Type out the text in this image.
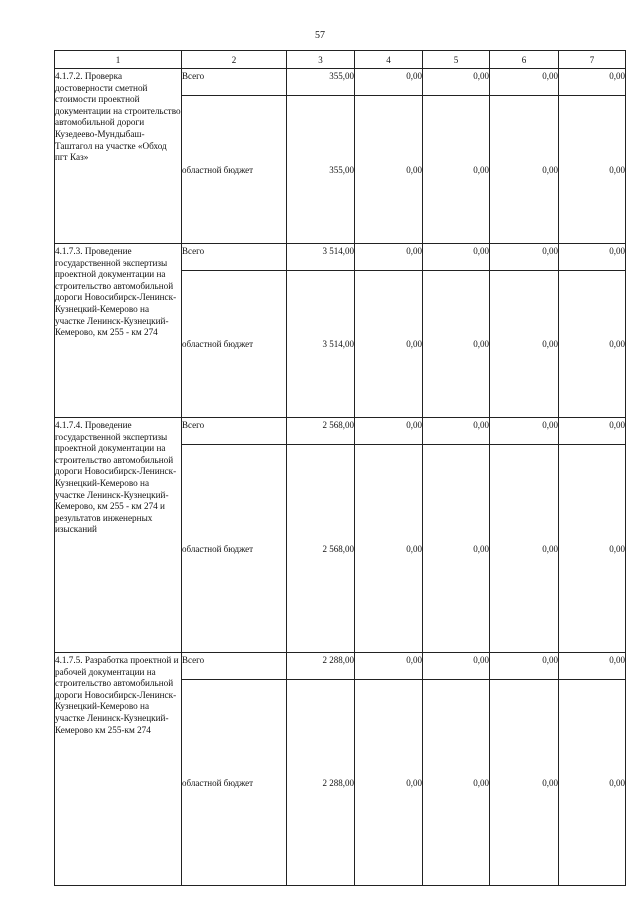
57
1	2	3	4	5	6	7
4.1.7.2. Проверка достоверности сметной стоимости проектной документации на строительство автомобильной дороги Кузедеево-Мундыбаш-Таштагол на участке «Обход пгт Каз»	Всего	355,00	0,00	0,00	0,00	0,00
	областной бюджет	355,00	0,00	0,00	0,00	0,00
4.1.7.3. Проведение государственной экспертизы проектной документации на строительство автомобильной дороги Новосибирск-Ленинск-Кузнецкий-Кемерово на участке Ленинск-Кузнецкий-Кемерово, км 255 - км 274	Всего	3 514,00	0,00	0,00	0,00	0,00
	областной бюджет	3 514,00	0,00	0,00	0,00	0,00
4.1.7.4. Проведение государственной экспертизы проектной документации на строительство автомобильной дороги Новосибирск-Ленинск-Кузнецкий-Кемерово на участке Ленинск-Кузнецкий-Кемерово, км 255 - км 274 и результатов инженерных изысканий	Всего	2 568,00	0,00	0,00	0,00	0,00
	областной бюджет	2 568,00	0,00	0,00	0,00	0,00
4.1.7.5. Разработка проектной и рабочей документации на строительство автомобильной дороги Новосибирск-Ленинск-Кузнецкий-Кемерово на участке Ленинск-Кузнецкий-Кемерово км 255-км 274	Всего	2 288,00	0,00	0,00	0,00	0,00
	областной бюджет	2 288,00	0,00	0,00	0,00	0,00
